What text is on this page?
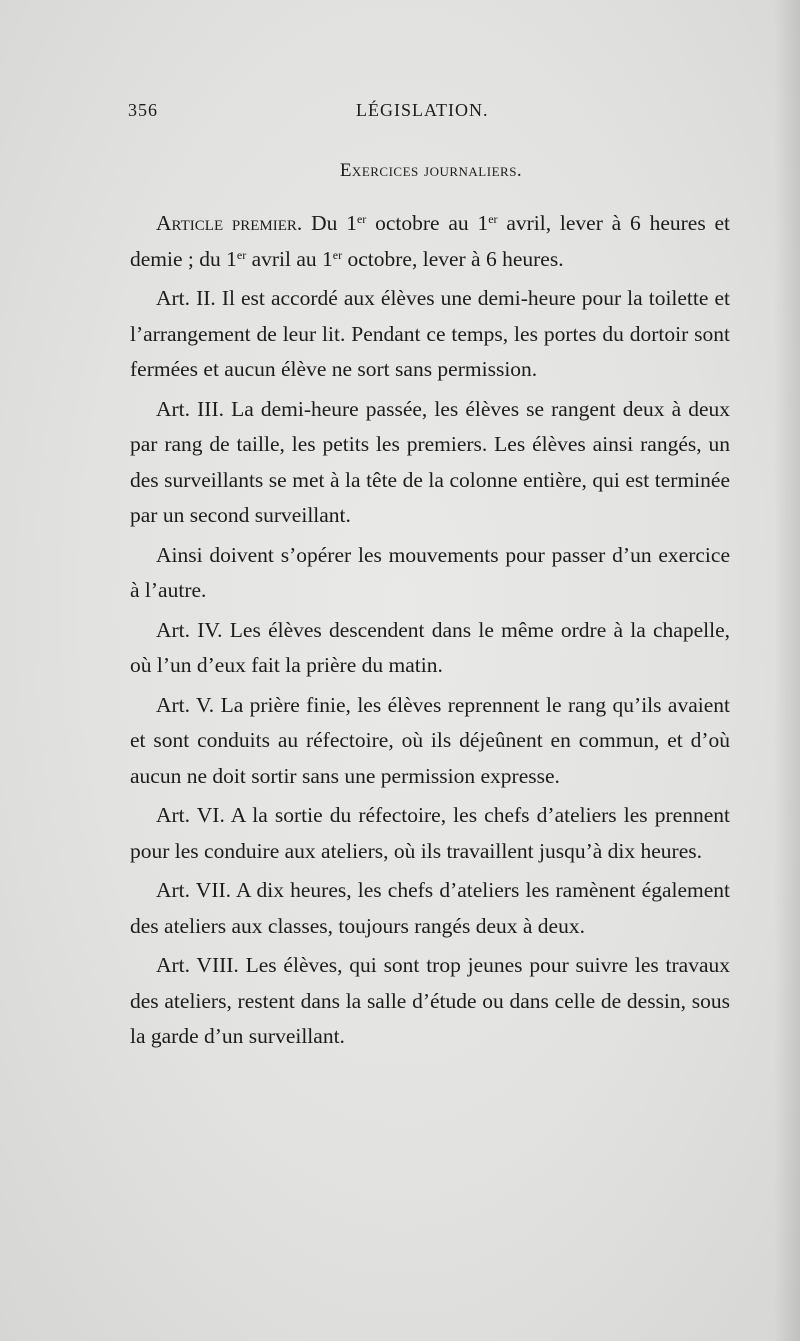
356	LÉGISLATION.
Exercices journaliers.

Article premier. Du 1er octobre au 1er avril, lever à 6 heures et demie ; du 1er avril au 1er octobre, lever à 6 heures.

Art. II. Il est accordé aux élèves une demi-heure pour la toilette et l’arrangement de leur lit. Pendant ce temps, les portes du dortoir sont fermées et aucun élève ne sort sans permission.

Art. III. La demi-heure passée, les élèves se rangent deux à deux par rang de taille, les petits les premiers. Les élèves ainsi rangés, un des surveillants se met à la tête de la colonne entière, qui est terminée par un second surveillant.

Ainsi doivent s’opérer les mouvements pour passer d’un exercice à l’autre.

Art. IV. Les élèves descendent dans le même ordre à la chapelle, où l’un d’eux fait la prière du matin.

Art. V. La prière finie, les élèves reprennent le rang qu’ils avaient et sont conduits au réfectoire, où ils déjeûnent en commun, et d’où aucun ne doit sortir sans une permission expresse.

Art. VI. A la sortie du réfectoire, les chefs d’ateliers les prennent pour les conduire aux ateliers, où ils travaillent jusqu’à dix heures.

Art. VII. A dix heures, les chefs d’ateliers les ramènent également des ateliers aux classes, toujours rangés deux à deux.

Art. VIII. Les élèves, qui sont trop jeunes pour suivre les travaux des ateliers, restent dans la salle d’étude ou dans celle de dessin, sous la garde d’un surveillant.
